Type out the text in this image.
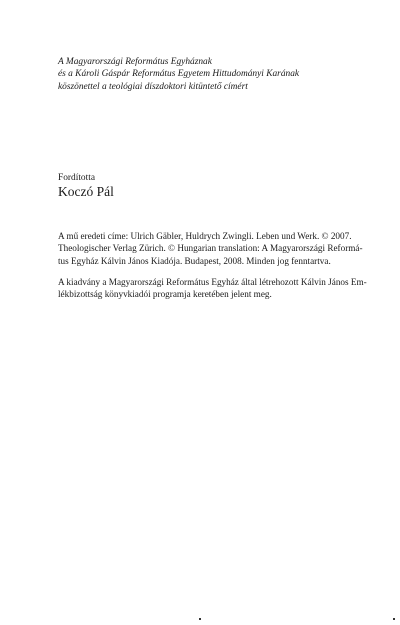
A Magyarországi Református Egyháznak
és a Károli Gáspár Református Egyetem Hittudományi Karának
köszönettel a teológiai díszdoktori kitüntető címért
Fordította
Koczó Pál
A mű eredeti címe: Ulrich Gäbler, Huldrych Zwingli. Leben und Werk. © 2007.
Theologischer Verlag Zürich. © Hungarian translation: A Magyarországi Reformá-
tus Egyház Kálvin János Kiadója. Budapest, 2008. Minden jog fenntartva.
A kiadvány a Magyarországi Református Egyház által létrehozott Kálvin János Em-
lékbizottság könyvkiadói programja keretében jelent meg.
